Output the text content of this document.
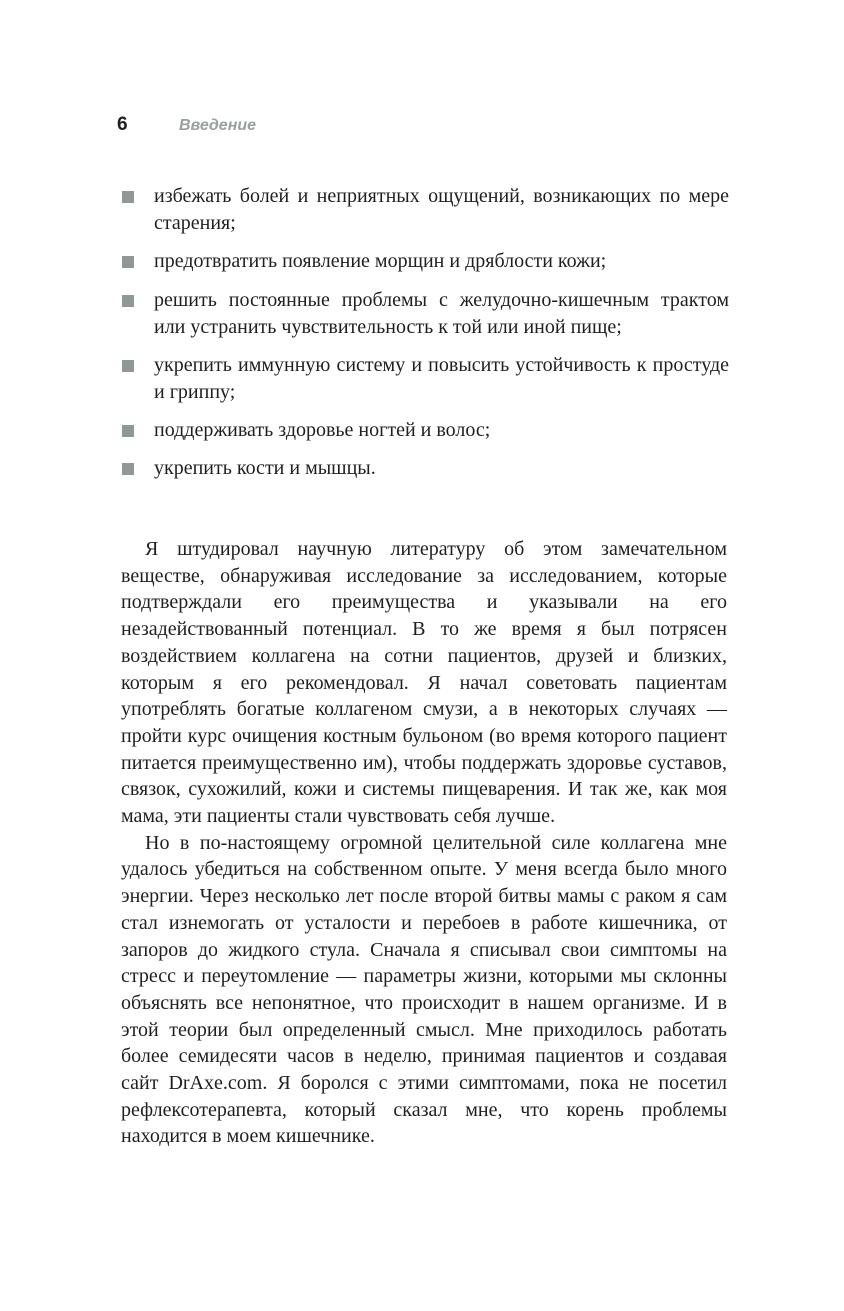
6	Введение
избежать болей и неприятных ощущений, возникающих по мере старения;
предотвратить появление морщин и дряблости кожи;
решить постоянные проблемы с желудочно-кишечным трактом или устранить чувствительность к той или иной пище;
укрепить иммунную систему и повысить устойчивость к простуде и гриппу;
поддерживать здоровье ногтей и волос;
укрепить кости и мышцы.

Я штудировал научную литературу об этом замечательном веществе, обнаруживая исследование за исследованием, которые подтверждали его преимущества и указывали на его незадействованный потенциал. В то же время я был потрясен воздействием коллагена на сотни пациентов, друзей и близких, которым я его рекомендовал. Я начал советовать пациентам употреблять богатые коллагеном смузи, а в некоторых случаях — пройти курс очищения костным бульоном (во время которого пациент питается преимущественно им), чтобы поддержать здоровье суставов, связок, сухожилий, кожи и системы пищеварения. И так же, как моя мама, эти пациенты стали чувствовать себя лучше.

Но в по-настоящему огромной целительной силе коллагена мне удалось убедиться на собственном опыте. У меня всегда было много энергии. Через несколько лет после второй битвы мамы с раком я сам стал изнемогать от усталости и перебоев в работе кишечника, от запоров до жидкого стула. Сначала я списывал свои симптомы на стресс и переутомление — параметры жизни, которыми мы склонны объяснять все непонятное, что происходит в нашем организме. И в этой теории был определенный смысл. Мне приходилось работать более семидесяти часов в неделю, принимая пациентов и создавая сайт DrAxe.com. Я боролся с этими симптомами, пока не посетил рефлексотерапевта, который сказал мне, что корень проблемы находится в моем кишечнике.
